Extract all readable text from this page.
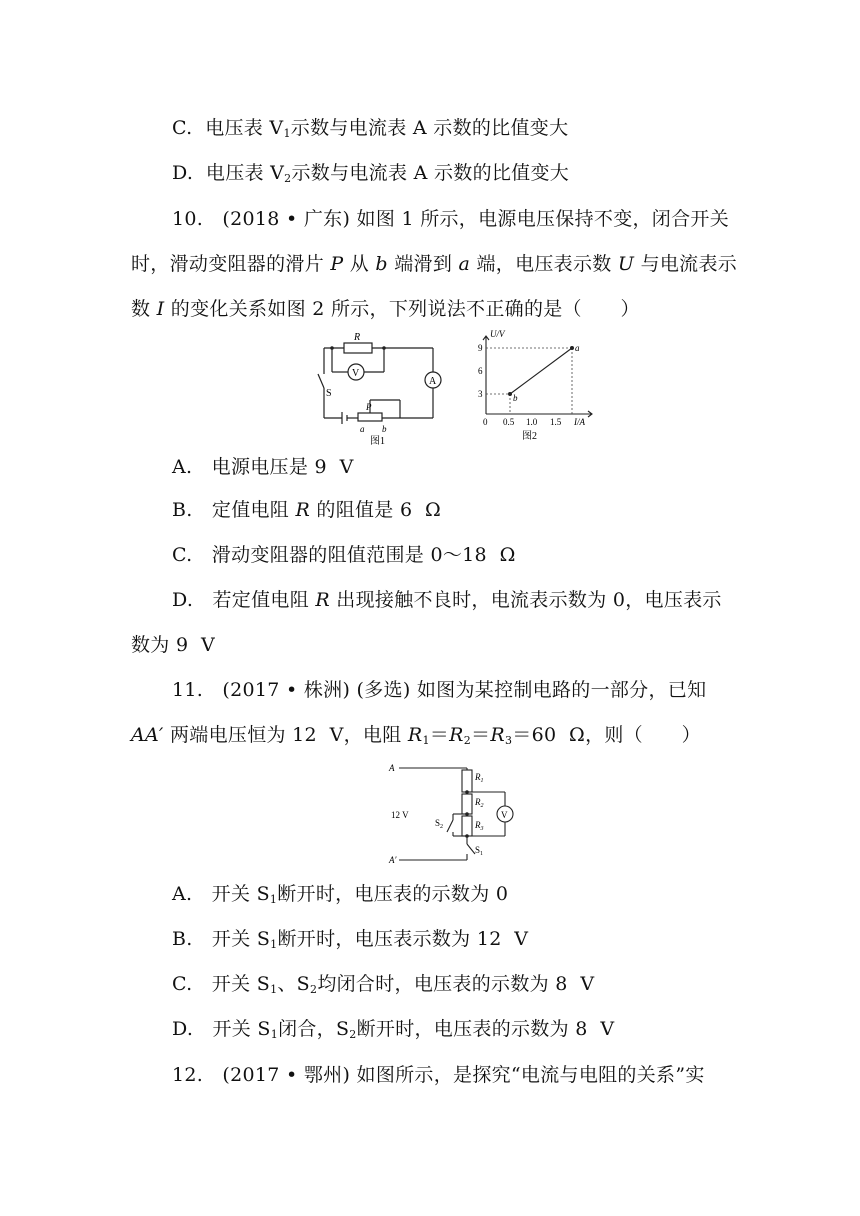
C. 电压表 $V_1$示数与电流表 A 示数的比值变大
D. 电压表 $V_2$示数与电流表 A 示数的比值变大
10.　(2018 • 广东) 如图 1 所示，电源电压保持不变，闭合开关
时，滑动变阻器的滑片 P 从 b 端滑到 a 端，电压表示数 U 与电流表示
数 I 的变化关系如图 2 所示，下列说法不正确的是（　　）
R
V
A
S
P
a b
图1
U/V
9
6
3
0 0.5 1.0 1.5 I/A
a
b
图2
A.　电源电压是 9  V
B.　定值电阻 R 的阻值是 6  Ω
C.　滑动变阻器的阻值范围是 0～18  Ω
D.　若定值电阻 R 出现接触不良时，电流表示数为 0，电压表示
数为 9  V
11.　(2017 • 株洲) (多选) 如图为某控制电路的一部分，已知
AA′ 两端电压恒为 12  V，电阻 $R_1=R_2=R_3=60$  Ω，则（　　）
A
A′
12 V
$R_1$
$R_2$
$R_3$
$S_2$
$S_1$
V
A.　开关 $S_1$断开时，电压表的示数为 0
B.　开关 $S_1$断开时，电压表示数为 12  V
C.　开关 $S_1$、$S_2$均闭合时，电压表的示数为 8  V
D.　开关 $S_1$闭合，$S_2$断开时，电压表的示数为 8  V
12.　(2017 • 鄂州) 如图所示，是探究“电流与电阻的关系”实
